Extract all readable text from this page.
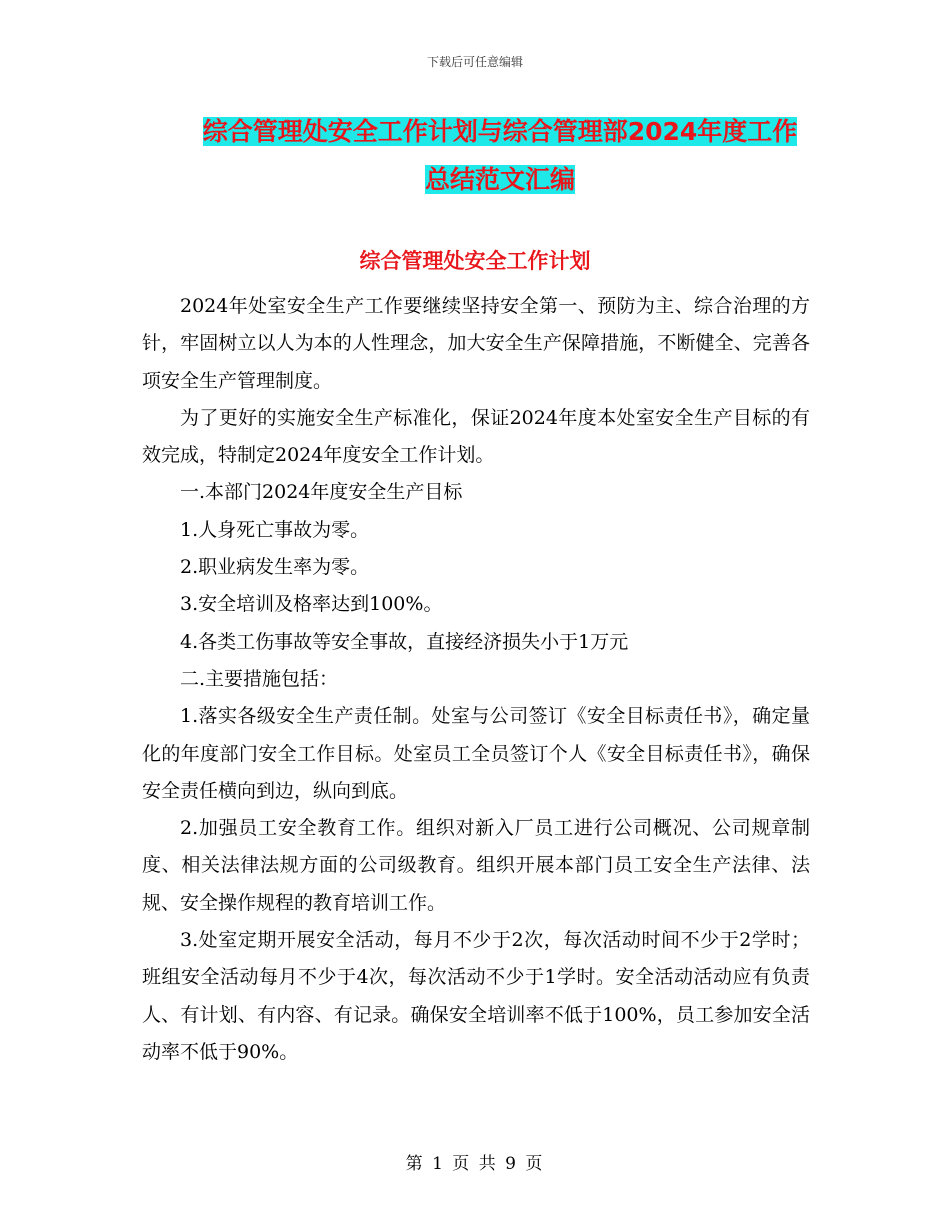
下载后可任意编辑
综合管理处安全工作计划与综合管理部2024年度工作
总结范文汇编
综合管理处安全工作计划

2024年处室安全生产工作要继续坚持安全第一、预防为主、综合治理的方针，牢固树立以人为本的人性理念，加大安全生产保障措施，不断健全、完善各项安全生产管理制度。

为了更好的实施安全生产标准化，保证2024年度本处室安全生产目标的有效完成，特制定2024年度安全工作计划。

一.本部门2024年度安全生产目标

1.人身死亡事故为零。

2.职业病发生率为零。

3.安全培训及格率达到100%。

4.各类工伤事故等安全事故，直接经济损失小于1万元

二.主要措施包括：

1.落实各级安全生产责任制。处室与公司签订《安全目标责任书》，确定量化的年度部门安全工作目标。处室员工全员签订个人《安全目标责任书》，确保安全责任横向到边，纵向到底。

2.加强员工安全教育工作。组织对新入厂员工进行公司概况、公司规章制度、相关法律法规方面的公司级教育。组织开展本部门员工安全生产法律、法规、安全操作规程的教育培训工作。

3.处室定期开展安全活动，每月不少于2次，每次活动时间不少于2学时；班组安全活动每月不少于4次，每次活动不少于1学时。安全活动活动应有负责人、有计划、有内容、有记录。确保安全培训率不低于100%，员工参加安全活动率不低于90%。

第 1 页 共 9 页
